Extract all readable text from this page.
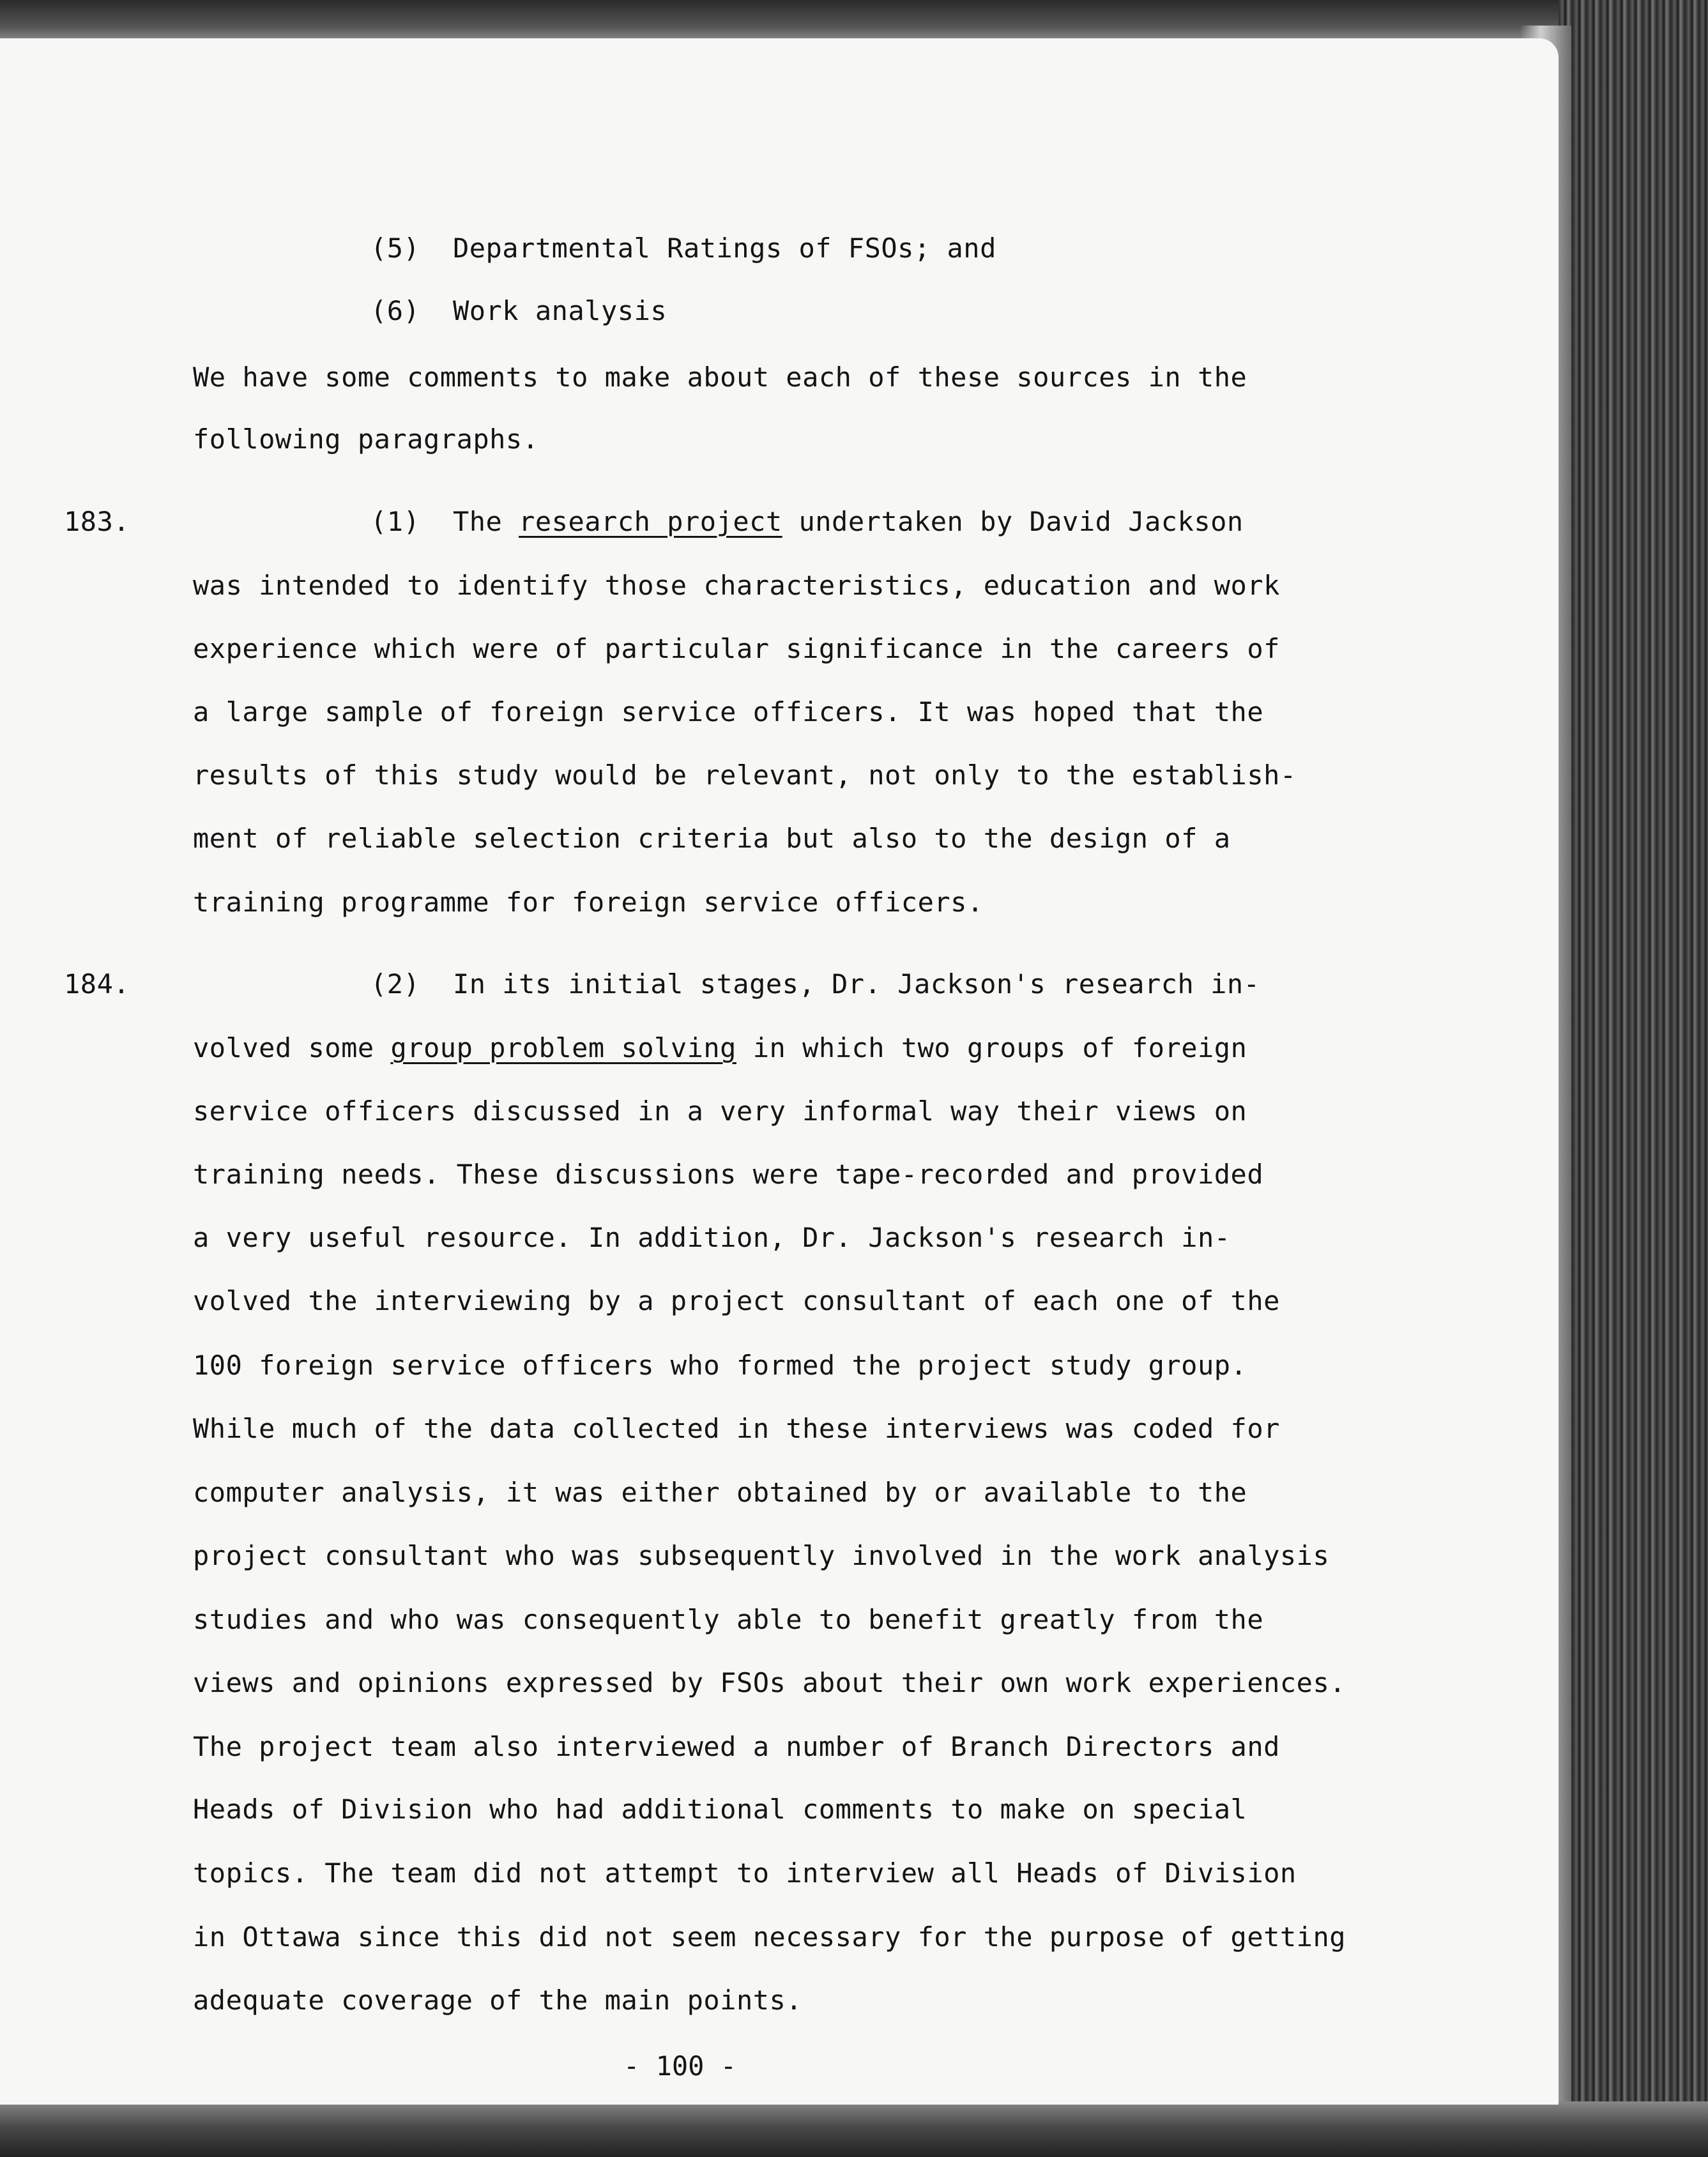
(5) Departmental Ratings of FSOs; and
(6) Work analysis
We have some comments to make about each of these sources in the
following paragraphs.
183.	(1) The research project undertaken by David Jackson
was intended to identify those characteristics, education and work
experience which were of particular significance in the careers of
a large sample of foreign service officers. It was hoped that the
results of this study would be relevant, not only to the establish-
ment of reliable selection criteria but also to the design of a
training programme for foreign service officers.
184.	(2) In its initial stages, Dr. Jackson's research in-
volved some group problem solving in which two groups of foreign
service officers discussed in a very informal way their views on
training needs. These discussions were tape-recorded and provided
a very useful resource. In addition, Dr. Jackson's research in-
volved the interviewing by a project consultant of each one of the
100 foreign service officers who formed the project study group.
While much of the data collected in these interviews was coded for
computer analysis, it was either obtained by or available to the
project consultant who was subsequently involved in the work analysis
studies and who was consequently able to benefit greatly from the
views and opinions expressed by FSOs about their own work experiences.
The project team also interviewed a number of Branch Directors and
Heads of Division who had additional comments to make on special
topics. The team did not attempt to interview all Heads of Division
in Ottawa since this did not seem necessary for the purpose of getting
adequate coverage of the main points.
- 100 -
